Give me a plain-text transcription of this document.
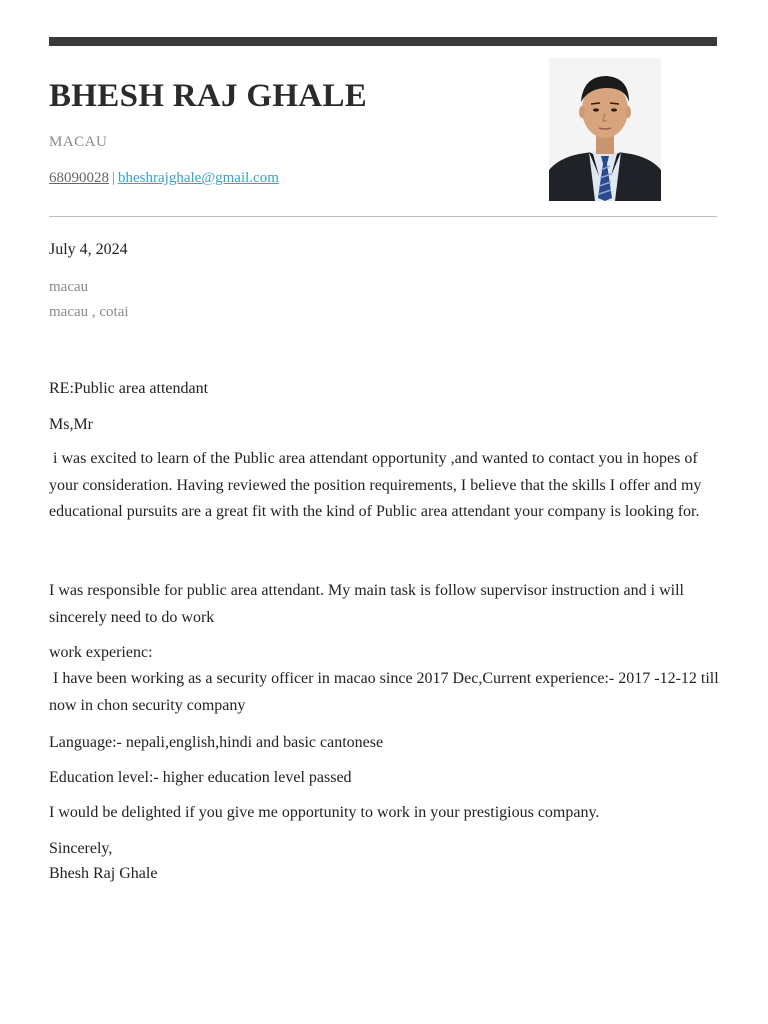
BHESH RAJ GHALE
MACAU
68090028 | bheshrajghale@gmail.com
July 4, 2024
macau
macau , cotai
RE:Public area attendant
Ms,Mr
i was excited to learn of the Public area attendant opportunity ,and wanted to contact you in hopes of your consideration. Having reviewed the position requirements, I believe that the skills I offer and my educational pursuits are a great fit with the kind of Public area attendant your company is looking for.
I was responsible for public area attendant. My main task is follow supervisor instruction and i will sincerely need to do work
work experienc:
I have been working as a security officer in macao since 2017 Dec,Current experience:- 2017 -12-12 till now in chon security company
Language:- nepali,english,hindi and basic cantonese
Education level:- higher education level passed
I would be delighted if you give me opportunity to work in your prestigious company.
Sincerely,
Bhesh Raj Ghale
